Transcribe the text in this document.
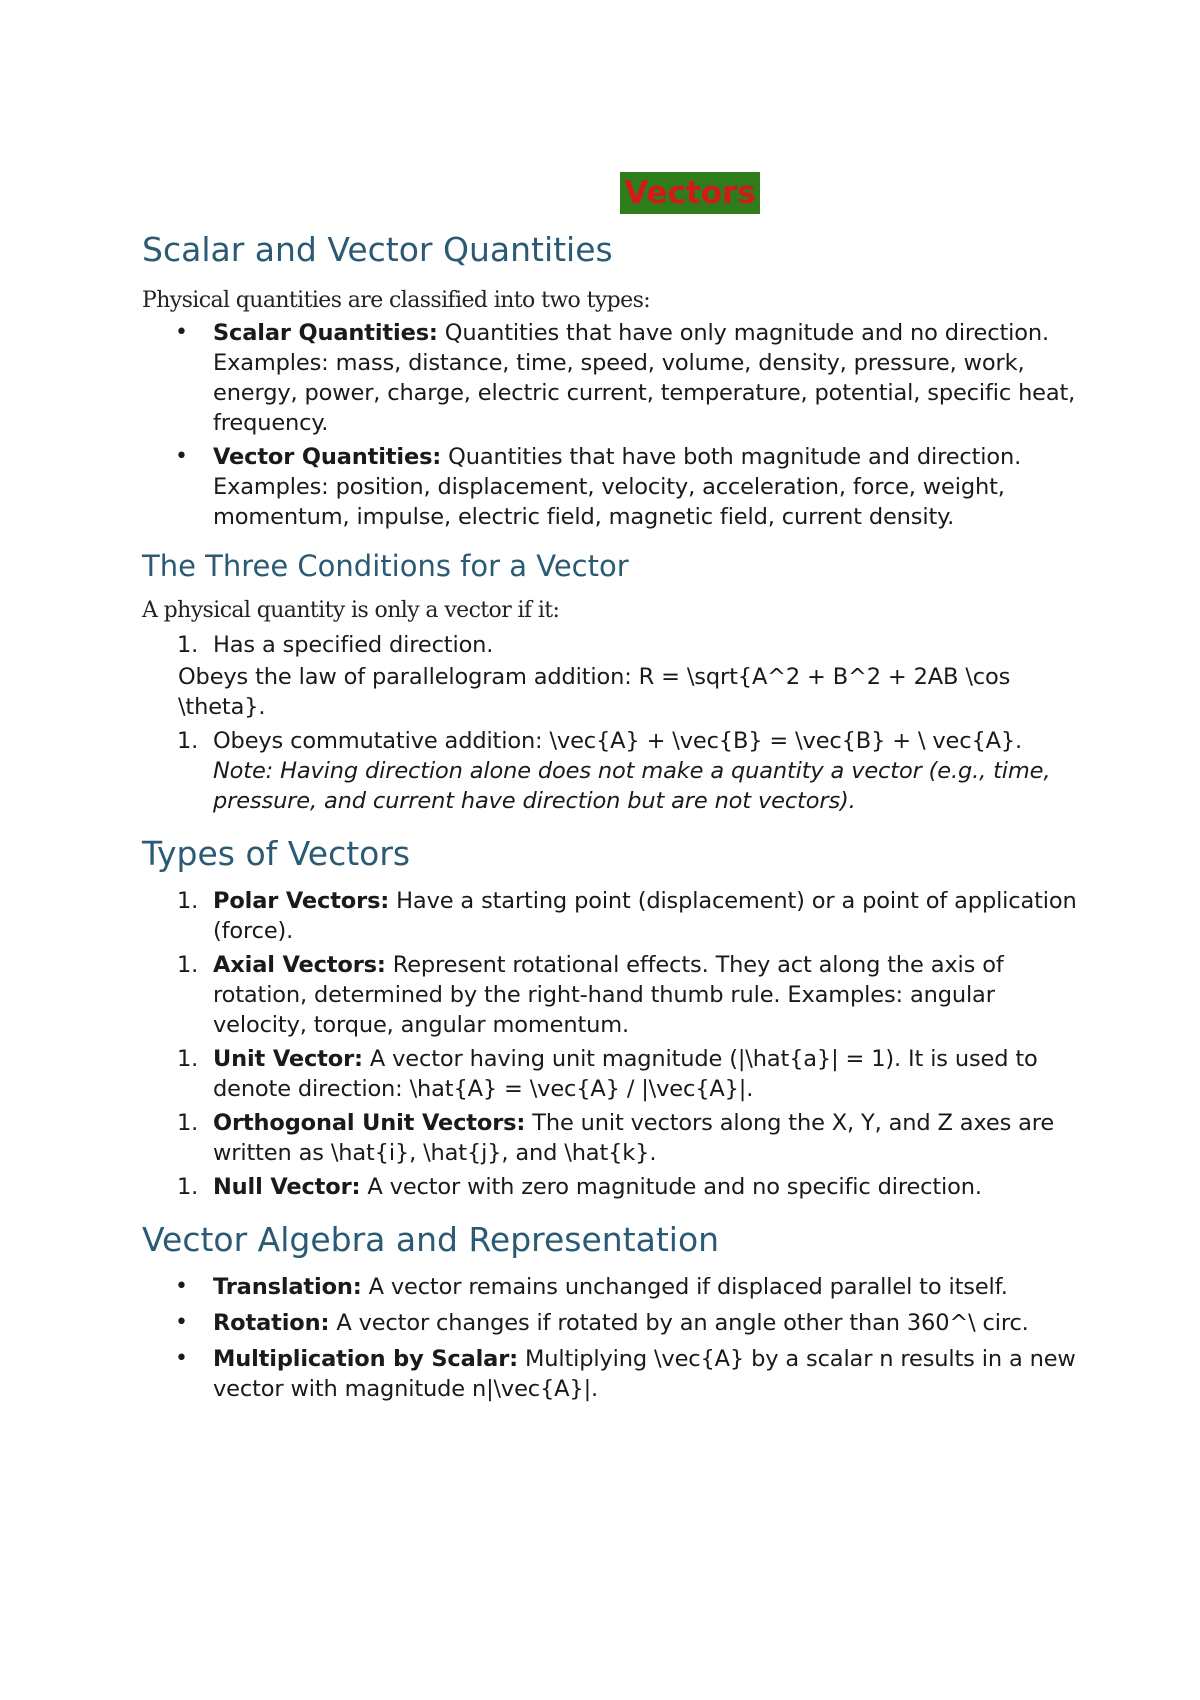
Vectors
Scalar and Vector Quantities

Physical quantities are classified into two types:

• Scalar Quantities: Quantities that have only magnitude and no direction. Examples: mass, distance, time, speed, volume, density, pressure, work, energy, power, charge, electric current, temperature, potential, specific heat, frequency.
• Vector Quantities: Quantities that have both magnitude and direction. Examples: position, displacement, velocity, acceleration, force, weight, momentum, impulse, electric field, magnetic field, current density.
The Three Conditions for a Vector

A physical quantity is only a vector if it:

1. Has a specified direction.

Obeys the law of parallelogram addition: R = \sqrt{A^2 + B^2 + 2AB \cos \theta}.

1. Obeys commutative addition: \vec{A} + \vec{B} = \vec{B} + \ vec{A}. Note: Having direction alone does not make a quantity a vector (e.g., time, pressure, and current have direction but are not vectors).
Types of Vectors
1. Polar Vectors: Have a starting point (displacement) or a point of application (force).
1. Axial Vectors: Represent rotational effects. They act along the axis of rotation, determined by the right-hand thumb rule. Examples: angular velocity, torque, angular momentum.
1. Unit Vector: A vector having unit magnitude (|\hat{a}| = 1). It is used to denote direction: \hat{A} = \vec{A} / |\vec{A}|.
1. Orthogonal Unit Vectors: The unit vectors along the X, Y, and Z axes are written as \hat{i}, \hat{j}, and \hat{k}.
1. Null Vector: A vector with zero magnitude and no specific direction.
Vector Algebra and Representation
• Translation: A vector remains unchanged if displaced parallel to itself.
• Rotation: A vector changes if rotated by an angle other than 360^\ circ.
• Multiplication by Scalar: Multiplying \vec{A} by a scalar n results in a new vector with magnitude n|\vec{A}|.
